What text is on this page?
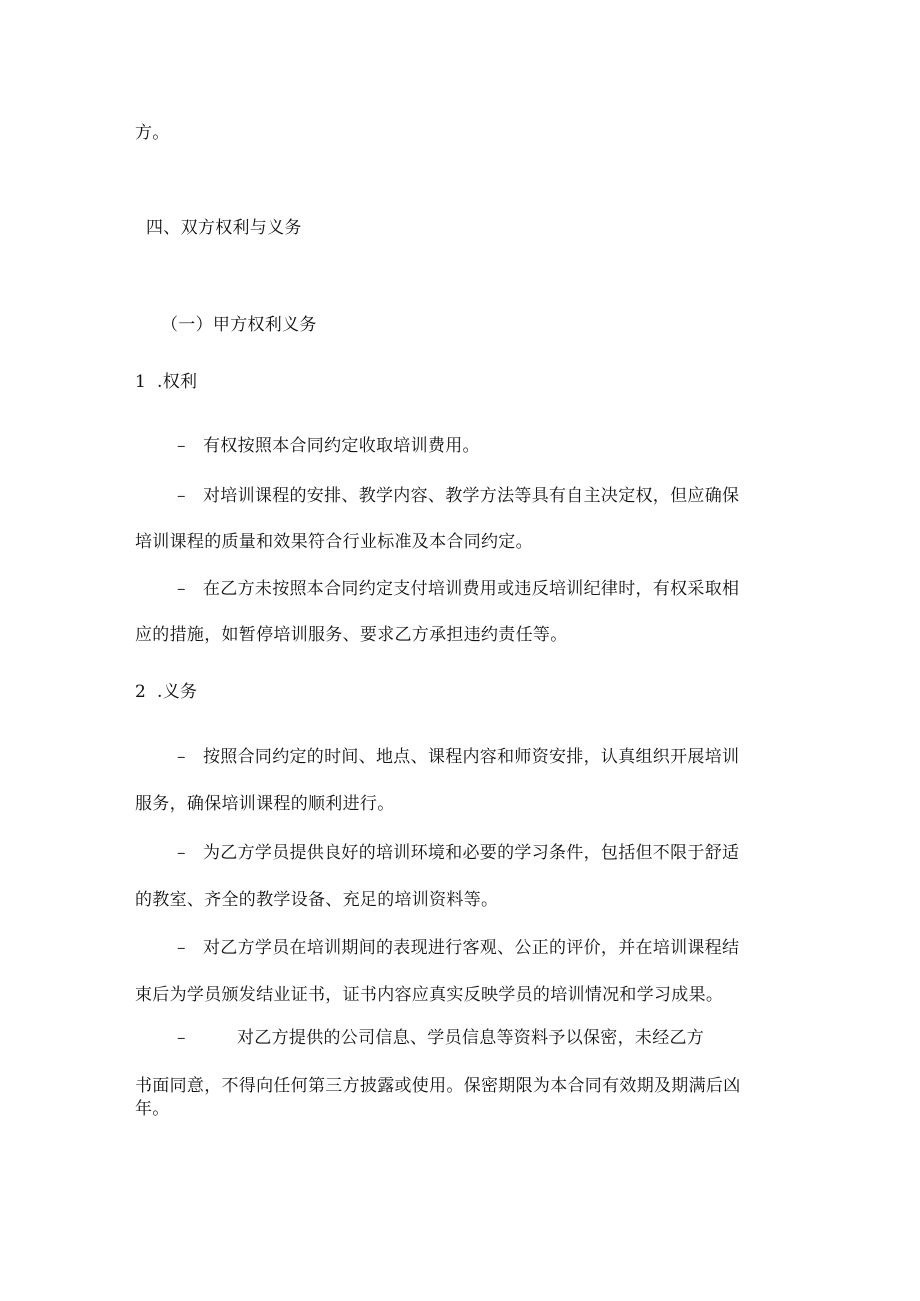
方。
四、双方权利与义务
（一）甲方权利义务
1 .权利
– 有权按照本合同约定收取培训费用。
– 对培训课程的安排、教学内容、教学方法等具有自主决定权，但应确保
培训课程的质量和效果符合行业标准及本合同约定。
– 在乙方未按照本合同约定支付培训费用或违反培训纪律时，有权采取相
应的措施，如暂停培训服务、要求乙方承担违约责任等。
2 .义务
– 按照合同约定的时间、地点、课程内容和师资安排，认真组织开展培训
服务，确保培训课程的顺利进行。
– 为乙方学员提供良好的培训环境和必要的学习条件，包括但不限于舒适
的教室、齐全的教学设备、充足的培训资料等。
– 对乙方学员在培训期间的表现进行客观、公正的评价，并在培训课程结
束后为学员颁发结业证书，证书内容应真实反映学员的培训情况和学习成果。
–	对乙方提供的公司信息、学员信息等资料予以保密，未经乙方
书面同意，不得向任何第三方披露或使用。保密期限为本合同有效期及期满后凶
年。
